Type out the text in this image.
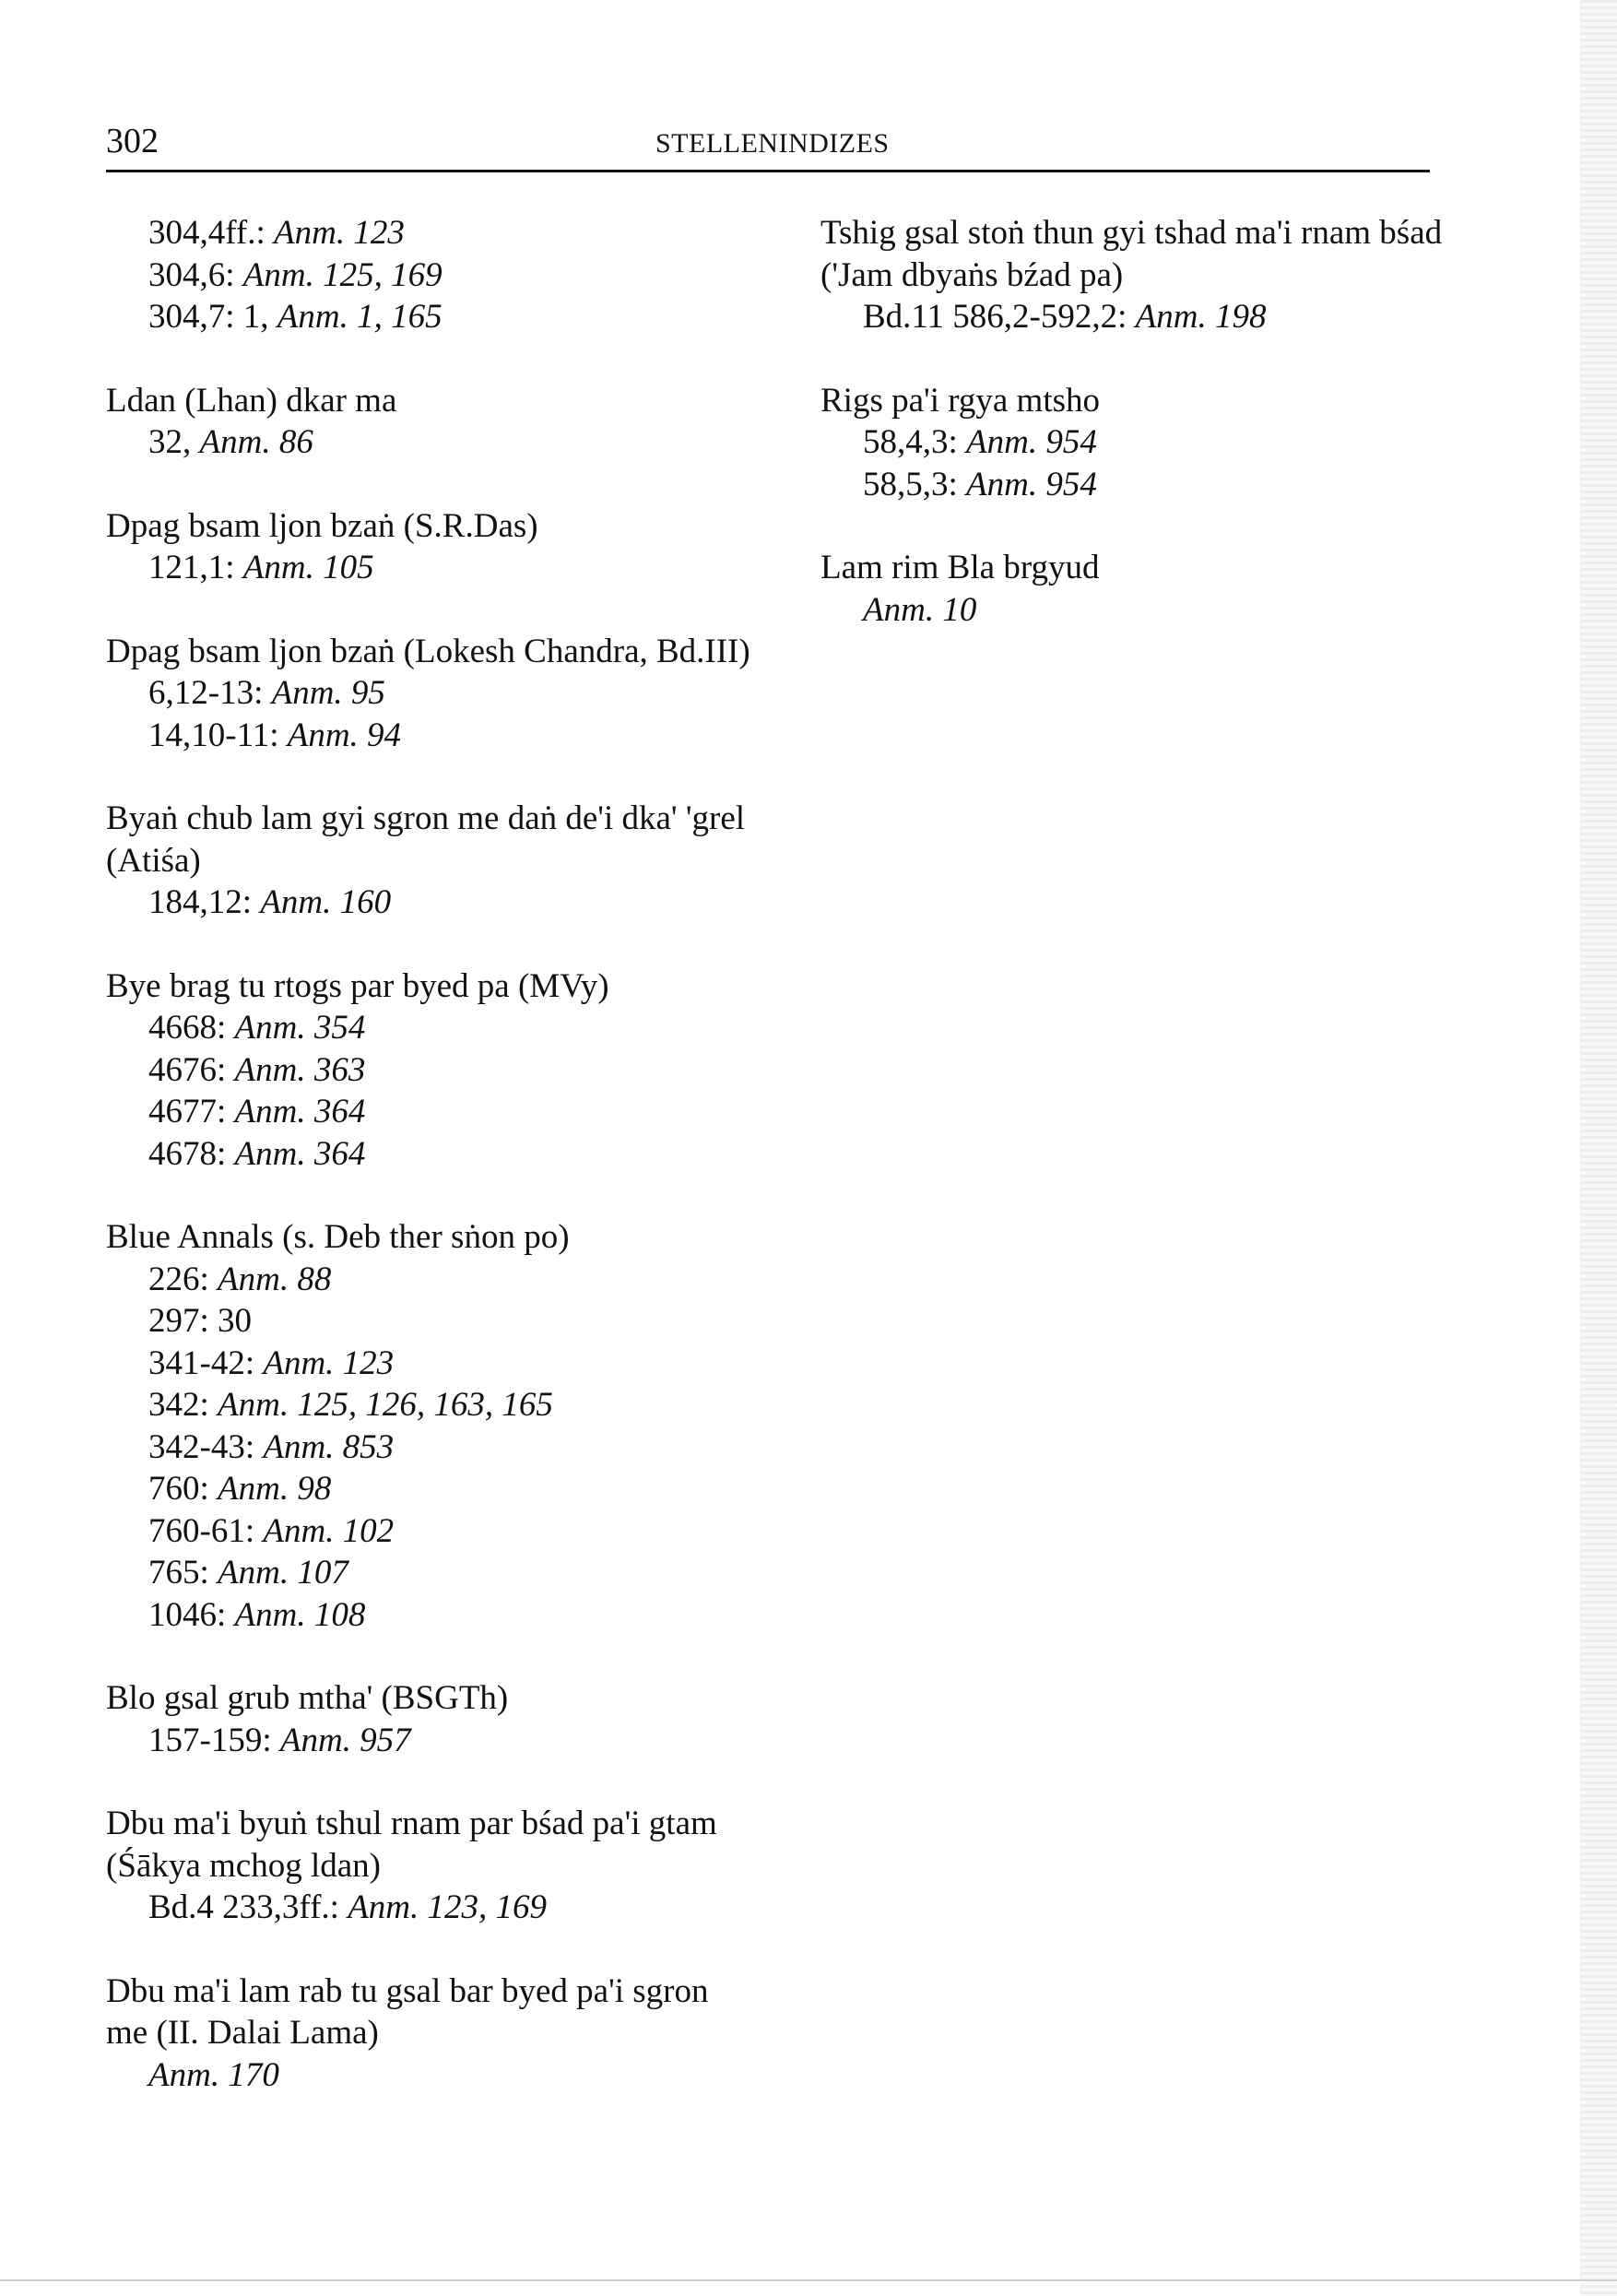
302	STELLENINDIZES
304,4ff.: Anm. 123
304,6: Anm. 125, 169
304,7: 1, Anm. 1, 165
Ldan (Lhan) dkar ma
32, Anm. 86
Dpag bsam ljon bzaṅ (S.R.Das)
121,1: Anm. 105
Dpag bsam ljon bzaṅ (Lokesh Chandra, Bd.III)
6,12-13: Anm. 95
14,10-11: Anm. 94
Byaṅ chub lam gyi sgron me daṅ de'i dka' 'grel (Atiśa)
184,12: Anm. 160
Bye brag tu rtogs par byed pa (MVy)
4668: Anm. 354
4676: Anm. 363
4677: Anm. 364
4678: Anm. 364
Blue Annals (s. Deb ther sṅon po)
226: Anm. 88
297: 30
341-42: Anm. 123
342: Anm. 125, 126, 163, 165
342-43: Anm. 853
760: Anm. 98
760-61: Anm. 102
765: Anm. 107
1046: Anm. 108
Blo gsal grub mtha' (BSGTh)
157-159: Anm. 957
Dbu ma'i byuṅ tshul rnam par bśad pa'i gtam (Śākya mchog ldan)
Bd.4 233,3ff.: Anm. 123, 169
Dbu ma'i lam rab tu gsal bar byed pa'i sgron me (II. Dalai Lama)
Anm. 170
Tshig gsal stoṅ thun gyi tshad ma'i rnam bśad ('Jam dbyaṅs bźad pa)
Bd.11 586,2-592,2: Anm. 198
Rigs pa'i rgya mtsho
58,4,3: Anm. 954
58,5,3: Anm. 954
Lam rim Bla brgyud
Anm. 10
